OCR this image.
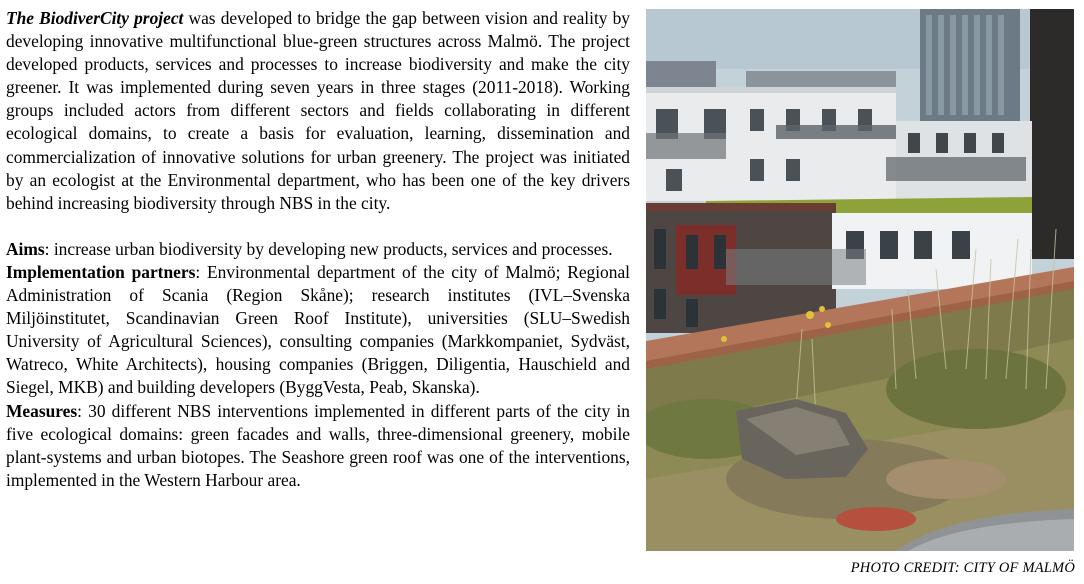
The BiodiverCity project was developed to bridge the gap between vision and reality by developing innovative multifunctional blue-green structures across Malmö. The project developed products, services and processes to increase biodiversity and make the city greener. It was implemented during seven years in three stages (2011-2018). Working groups included actors from different sectors and fields collaborating in different ecological domains, to create a basis for evaluation, learning, dissemination and commercialization of innovative solutions for urban greenery. The project was initiated by an ecologist at the Environmental department, who has been one of the key drivers behind increasing biodiversity through NBS in the city.

Aims: increase urban biodiversity by developing new products, services and processes.

Implementation partners: Environmental department of the city of Malmö; Regional Administration of Scania (Region Skåne); research institutes (IVL–Svenska Miljöinstitutet, Scandinavian Green Roof Institute), universities (SLU–Swedish University of Agricultural Sciences), consulting companies (Markkompaniet, Sydväst, Watreco, White Architects), housing companies (Briggen, Diligentia, Hauschield and Siegel, MKB) and building developers (ByggVesta, Peab, Skanska).

Measures: 30 different NBS interventions implemented in different parts of the city in five ecological domains: green facades and walls, three-dimensional greenery, mobile plant-systems and urban biotopes. The Seashore green roof was one of the interventions, implemented in the Western Harbour area.

PHOTO CREDIT: CITY OF MALMÖ
